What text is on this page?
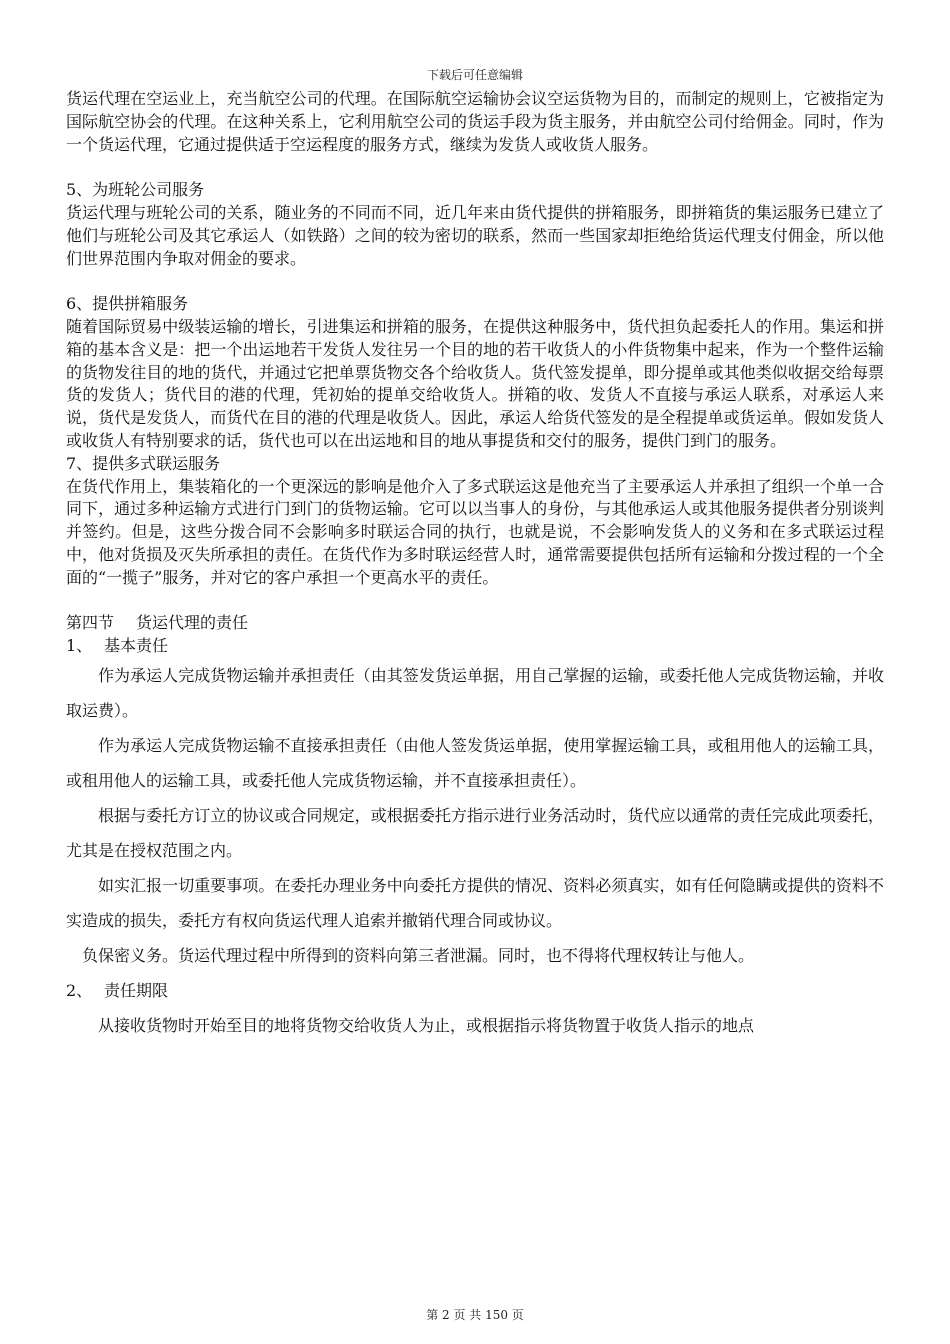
下载后可任意编辑

货运代理在空运业上，充当航空公司的代理。在国际航空运输协会议空运货物为目的，而制定的规则上，它被指定为国际航空协会的代理。在这种关系上，它利用航空公司的货运手段为货主服务，并由航空公司付给佣金。同时，作为一个货运代理，它通过提供适于空运程度的服务方式，继续为发货人或收货人服务。

5、为班轮公司服务

货运代理与班轮公司的关系，随业务的不同而不同，近几年来由货代提供的拼箱服务，即拼箱货的集运服务已建立了他们与班轮公司及其它承运人（如铁路）之间的较为密切的联系，然而一些国家却拒绝给货运代理支付佣金，所以他们世界范围内争取对佣金的要求。

6、提供拼箱服务

随着国际贸易中级装运输的增长，引进集运和拼箱的服务，在提供这种服务中，货代担负起委托人的作用。集运和拼箱的基本含义是：把一个出运地若干发货人发往另一个目的地的若干收货人的小件货物集中起来，作为一个整件运输的货物发往目的地的货代，并通过它把单票货物交各个给收货人。货代签发提单，即分提单或其他类似收据交给每票货的发货人；货代目的港的代理，凭初始的提单交给收货人。拼箱的收、发货人不直接与承运人联系，对承运人来说，货代是发货人，而货代在目的港的代理是收货人。因此，承运人给货代签发的是全程提单或货运单。假如发货人或收货人有特别要求的话，货代也可以在出运地和目的地从事提货和交付的服务，提供门到门的服务。

7、提供多式联运服务

在货代作用上，集装箱化的一个更深远的影响是他介入了多式联运这是他充当了主要承运人并承担了组织一个单一合同下，通过多种运输方式进行门到门的货物运输。它可以以当事人的身份，与其他承运人或其他服务提供者分别谈判并签约。但是，这些分拨合同不会影响多时联运合同的执行，也就是说，不会影响发货人的义务和在多式联运过程中，他对货损及灭失所承担的责任。在货代作为多时联运经营人时，通常需要提供包括所有运输和分拨过程的一个全面的“一揽子”服务，并对它的客户承担一个更高水平的责任。

第四节 货运代理的责任

1、 基本责任

作为承运人完成货物运输并承担责任（由其签发货运单据，用自己掌握的运输，或委托他人完成货物运输，并收取运费）。

作为承运人完成货物运输不直接承担责任（由他人签发货运单据，使用掌握运输工具，或租用他人的运输工具，或租用他人的运输工具，或委托他人完成货物运输，并不直接承担责任）。

根据与委托方订立的协议或合同规定，或根据委托方指示进行业务活动时，货代应以通常的责任完成此项委托，尤其是在授权范围之内。

如实汇报一切重要事项。在委托办理业务中向委托方提供的情况、资料必须真实，如有任何隐瞒或提供的资料不实造成的损失，委托方有权向货运代理人追索并撤销代理合同或协议。

负保密义务。货运代理过程中所得到的资料向第三者泄漏。同时，也不得将代理权转让与他人。

2、 责任期限

从接收货物时开始至目的地将货物交给收货人为止，或根据指示将货物置于收货人指示的地点

第 2 页 共 150 页
